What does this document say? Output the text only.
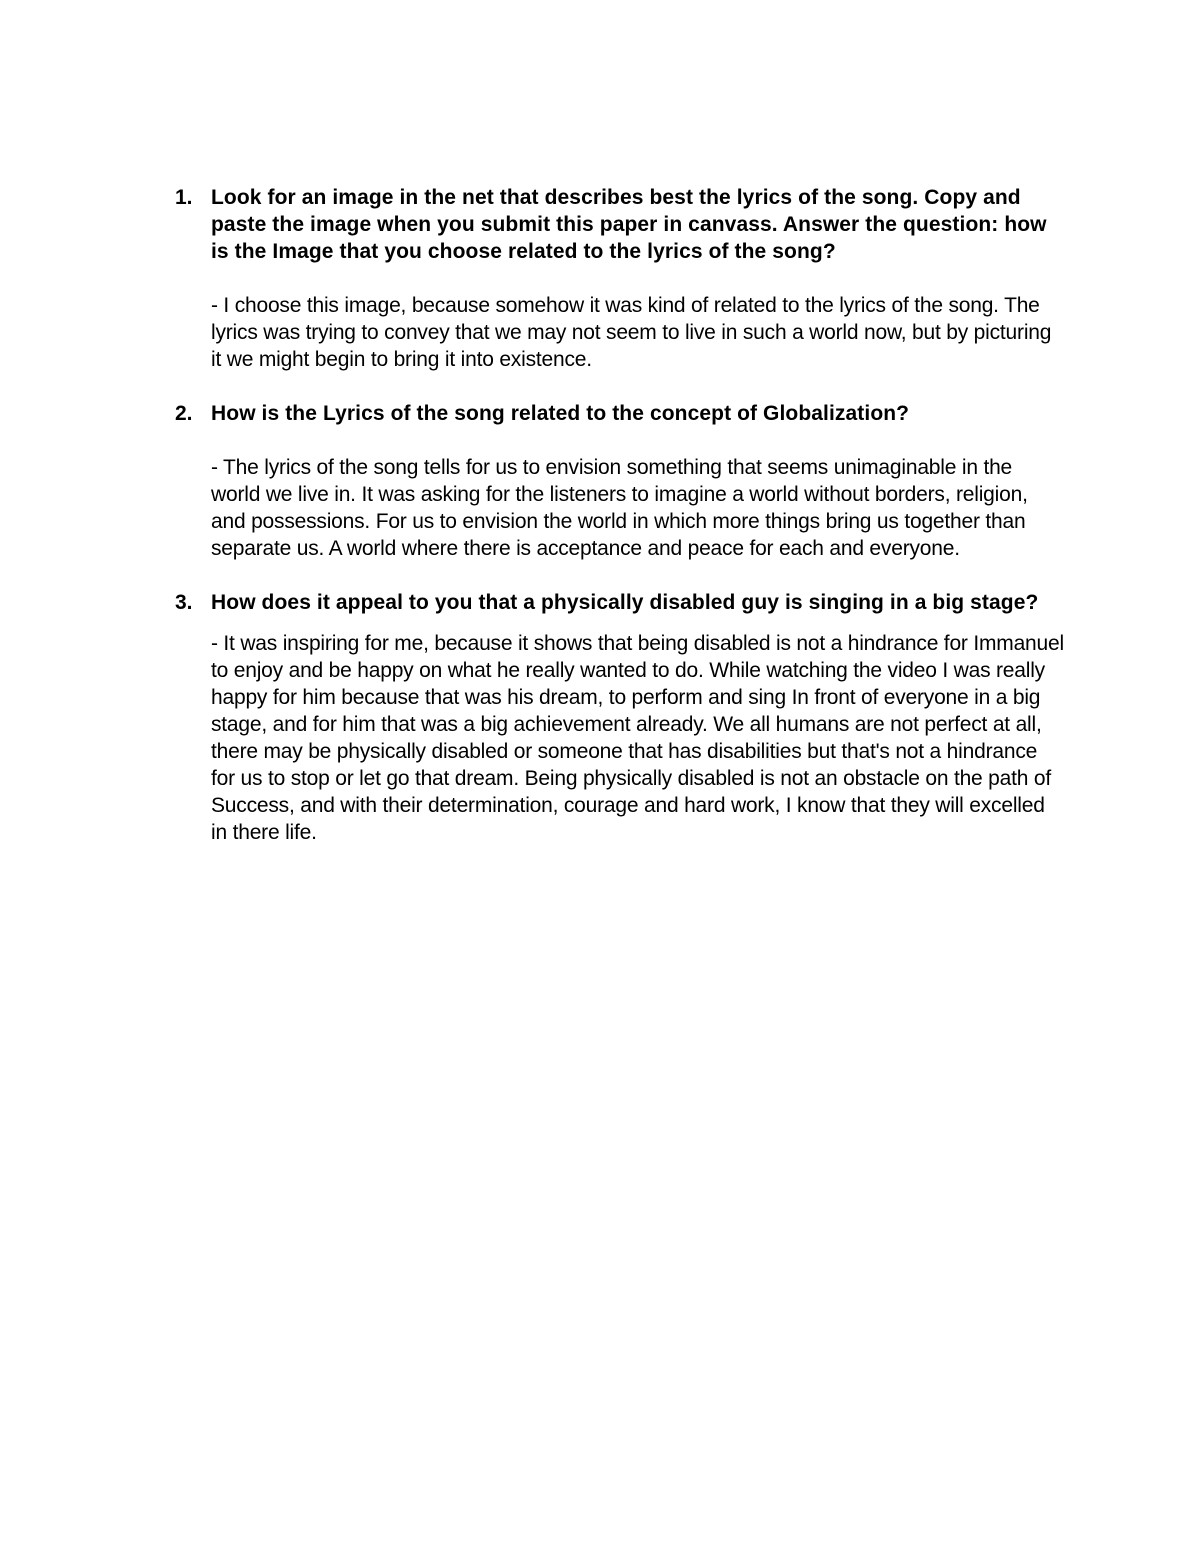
1. Look for an image in the net that describes best the lyrics of the song. Copy and paste the image when you submit this paper in canvass. Answer the question: how is the Image that you choose related to the lyrics of the song?

- I choose this image, because somehow it was kind of related to the lyrics of the song. The lyrics was trying to convey that we may not seem to live in such a world now, but by picturing it we might begin to bring it into existence.

2. How is the Lyrics of the song related to the concept of Globalization?

- The lyrics of the song tells for us to envision something that seems unimaginable in the world we live in. It was asking for the listeners to imagine a world without borders, religion, and possessions. For us to envision the world in which more things bring us together than separate us. A world where there is acceptance and peace for each and everyone.

3. How does it appeal to you that a physically disabled guy is singing in a big stage?

- It was inspiring for me, because it shows that being disabled is not a hindrance for Immanuel to enjoy and be happy on what he really wanted to do. While watching the video I was really happy for him because that was his dream, to perform and sing In front of everyone in a big stage, and for him that was a big achievement already. We all humans are not perfect at all, there may be physically disabled or someone that has disabilities but that's not a hindrance for us to stop or let go that dream. Being physically disabled is not an obstacle on the path of Success, and with their determination, courage and hard work, I know that they will excelled in there life.
